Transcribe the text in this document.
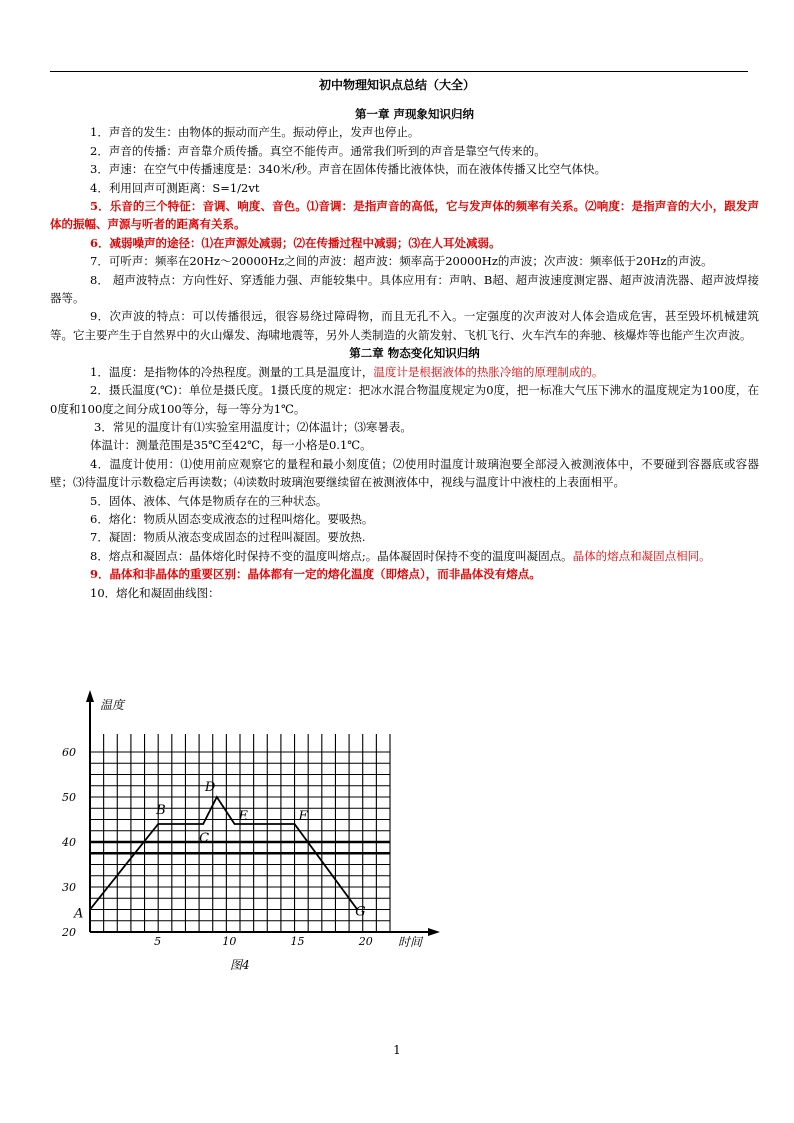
初中物理知识点总结（大全）

第一章 声现象知识归纳

1．声音的发生：由物体的振动而产生。振动停止，发声也停止。

2．声音的传播：声音靠介质传播。真空不能传声。通常我们听到的声音是靠空气传来的。

3．声速：在空气中传播速度是：340米/秒。声音在固体传播比液体快，而在液体传播又比空气体快。

4．利用回声可测距离：S=1/2vt

5．乐音的三个特征：音调、响度、音色。⑴音调：是指声音的高低，它与发声体的频率有关系。⑵响度：是指声音的大小，跟发声体的振幅、声源与听者的距离有关系。

6．减弱噪声的途径：⑴在声源处减弱；⑵在传播过程中减弱；⑶在人耳处减弱。

7．可听声：频率在20Hz～20000Hz之间的声波：超声波：频率高于20000Hz的声波；次声波：频率低于20Hz的声波。

8． 超声波特点：方向性好、穿透能力强、声能较集中。具体应用有：声呐、B超、超声波速度测定器、超声波清洗器、超声波焊接器等。

9．次声波的特点：可以传播很远，很容易绕过障碍物，而且无孔不入。一定强度的次声波对人体会造成危害，甚至毁坏机械建筑等。它主要产生于自然界中的火山爆发、海啸地震等，另外人类制造的火箭发射、飞机飞行、火车汽车的奔驰、核爆炸等也能产生次声波。

第二章 物态变化知识归纳

1．温度：是指物体的冷热程度。测量的工具是温度计，温度计是根据液体的热胀冷缩的原理制成的。

2．摄氏温度(℃)：单位是摄氏度。1摄氏度的规定：把冰水混合物温度规定为0度，把一标准大气压下沸水的温度规定为100度，在0度和100度之间分成100等分，每一等分为1℃。

3．常见的温度计有⑴实验室用温度计；⑵体温计；⑶寒暑表。

体温计：测量范围是35℃至42℃，每一小格是0.1℃。

4．温度计使用：⑴使用前应观察它的量程和最小刻度值；⑵使用时温度计玻璃泡要全部浸入被测液体中，不要碰到容器底或容器壁；⑶待温度计示数稳定后再读数；⑷读数时玻璃泡要继续留在被测液体中，视线与温度计中液柱的上表面相平。

5．固体、液体、气体是物质存在的三种状态。

6．熔化：物质从固态变成液态的过程叫熔化。要吸热。

7．凝固：物质从液态变成固态的过程叫凝固。要放热.

8．熔点和凝固点：晶体熔化时保持不变的温度叫熔点;。晶体凝固时保持不变的温度叫凝固点。晶体的熔点和凝固点相同。

9．晶体和非晶体的重要区别：晶体都有一定的熔化温度（即熔点），而非晶体没有熔点。

10．熔化和凝固曲线图：

20
30
40
50
60
5	10	15	20
A
B
C
D
E	F
G
温度
时间
图4
1
